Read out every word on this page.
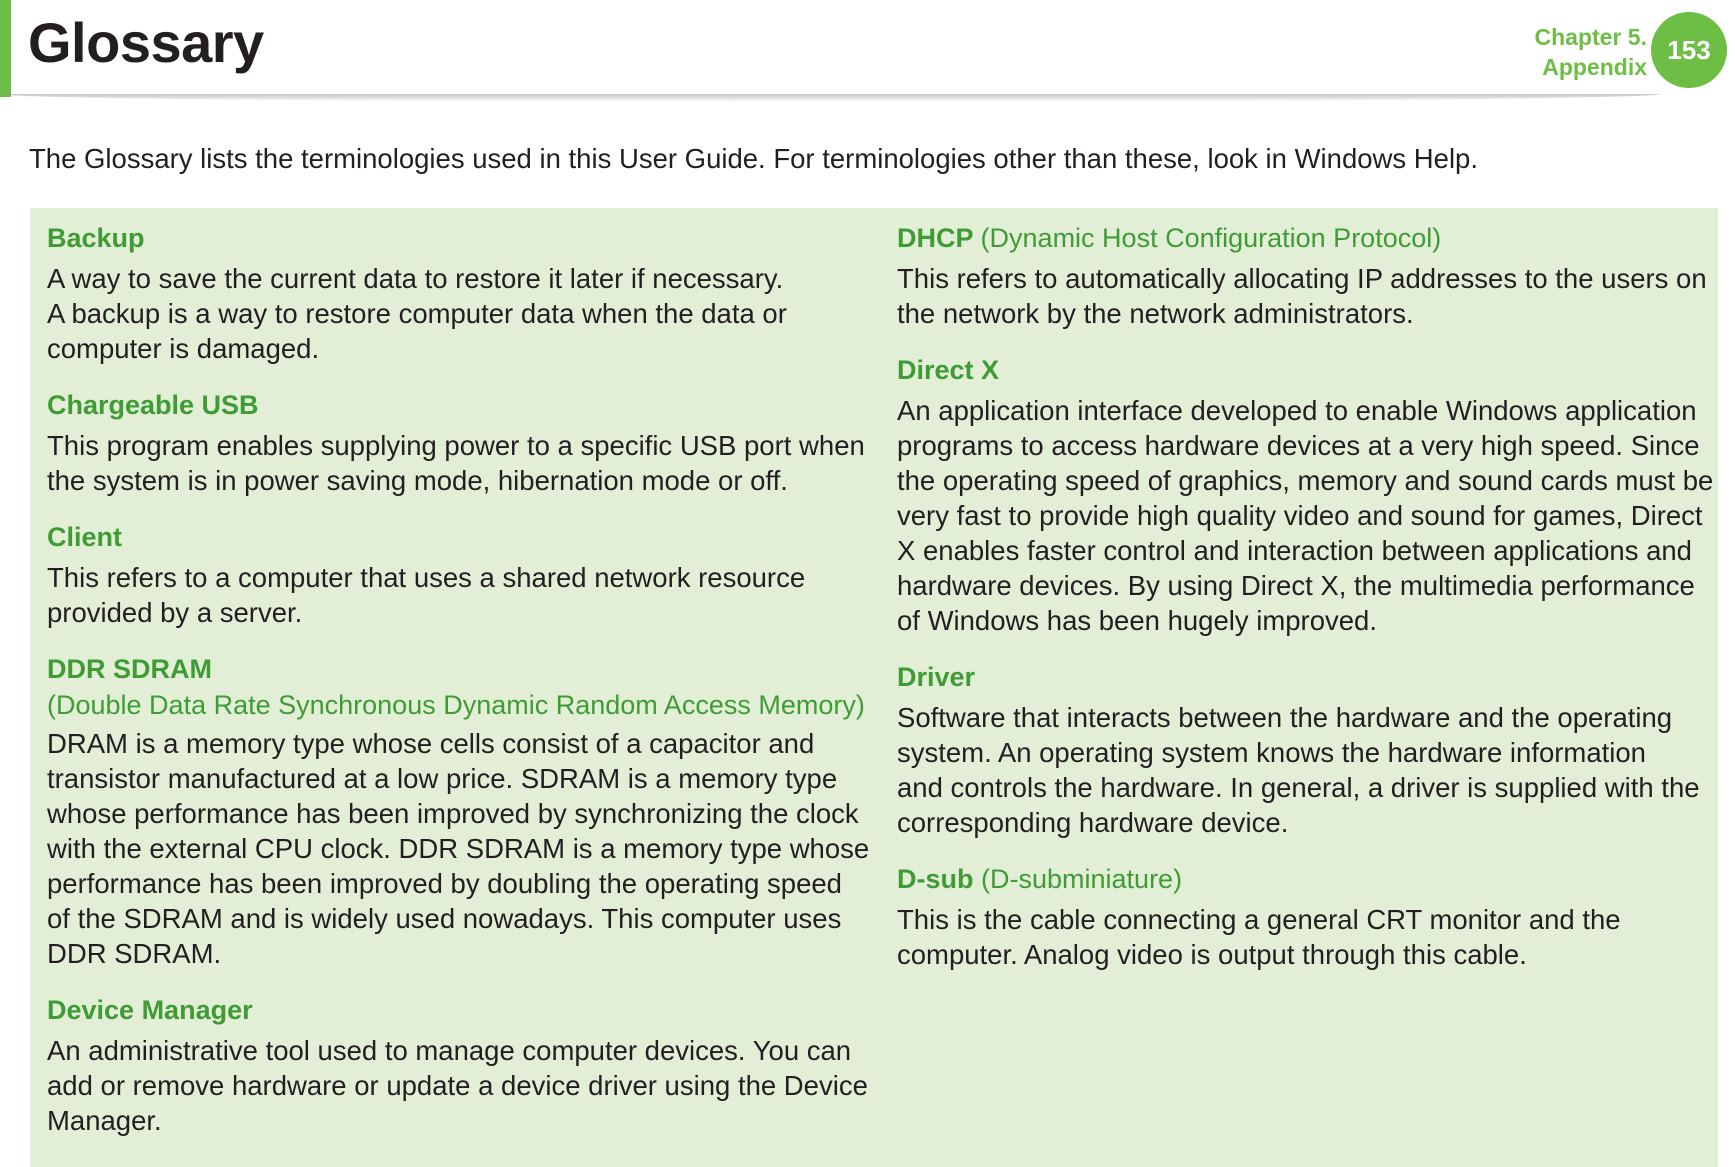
Glossary	Chapter 5.
Appendix
153

The Glossary lists the terminologies used in this User Guide. For terminologies other than these, look in Windows Help.

Backup

A way to save the current data to restore it later if necessary.
A backup is a way to restore computer data when the data or
computer is damaged.

Chargeable USB

This program enables supplying power to a specific USB port when
the system is in power saving mode, hibernation mode or off.

Client

This refers to a computer that uses a shared network resource
provided by a server.

DDR SDRAM
(Double Data Rate Synchronous Dynamic Random Access Memory)

DRAM is a memory type whose cells consist of a capacitor and
transistor manufactured at a low price. SDRAM is a memory type
whose performance has been improved by synchronizing the clock
with the external CPU clock. DDR SDRAM is a memory type whose
performance has been improved by doubling the operating speed
of the SDRAM and is widely used nowadays. This computer uses
DDR SDRAM.

Device Manager

An administrative tool used to manage computer devices. You can
add or remove hardware or update a device driver using the Device
Manager.

DHCP (Dynamic Host Configuration Protocol)

This refers to automatically allocating IP addresses to the users on
the network by the network administrators.

Direct X

An application interface developed to enable Windows application
programs to access hardware devices at a very high speed. Since
the operating speed of graphics, memory and sound cards must be
very fast to provide high quality video and sound for games, Direct
X enables faster control and interaction between applications and
hardware devices. By using Direct X, the multimedia performance
of Windows has been hugely improved.

Driver

Software that interacts between the hardware and the operating
system. An operating system knows the hardware information
and controls the hardware. In general, a driver is supplied with the
corresponding hardware device.

D-sub (D-subminiature)

This is the cable connecting a general CRT monitor and the
computer. Analog video is output through this cable.
